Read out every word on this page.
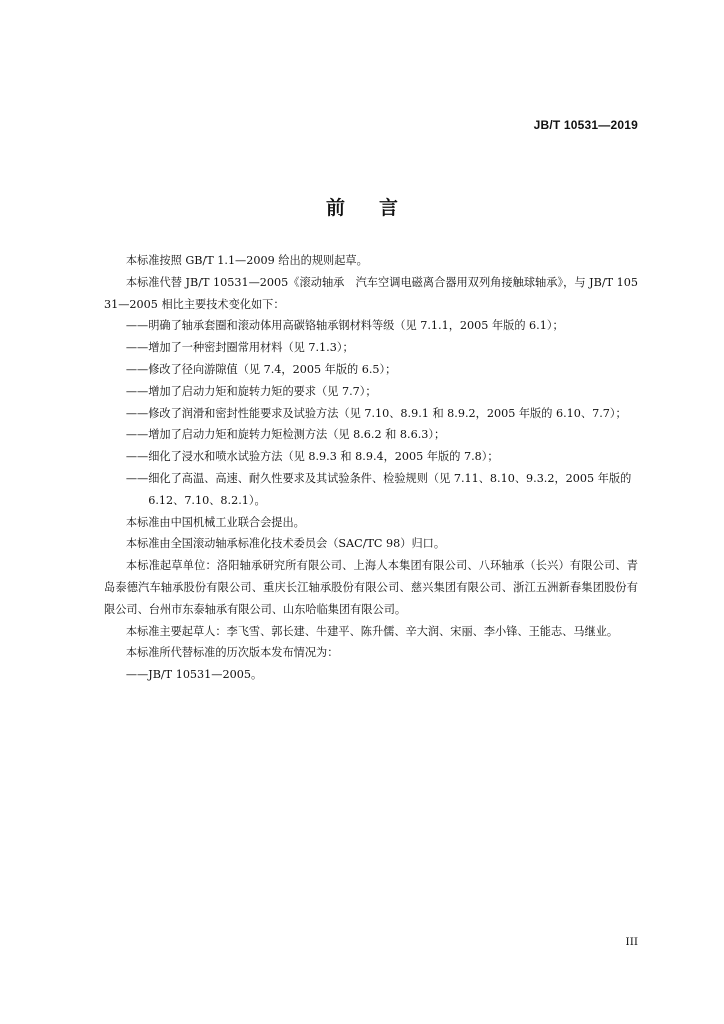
JB/T 10531—2019
前言

本标准按照 GB/T 1.1—2009 给出的规则起草。

本标准代替 JB/T 10531—2005《滚动轴承　汽车空调电磁离合器用双列角接触球轴承》，与 JB/T 10531—2005 相比主要技术变化如下：

——明确了轴承套圈和滚动体用高碳铬轴承钢材料等级（见 7.1.1，2005 年版的 6.1）；

——增加了一种密封圈常用材料（见 7.1.3）；

——修改了径向游隙值（见 7.4，2005 年版的 6.5）；

——增加了启动力矩和旋转力矩的要求（见 7.7）；

——修改了润滑和密封性能要求及试验方法（见 7.10、8.9.1 和 8.9.2，2005 年版的 6.10、7.7）；

——增加了启动力矩和旋转力矩检测方法（见 8.6.2 和 8.6.3）；

——细化了浸水和喷水试验方法（见 8.9.3 和 8.9.4，2005 年版的 7.8）；

——细化了高温、高速、耐久性要求及其试验条件、检验规则（见 7.11、8.10、9.3.2，2005 年版的
6.12、7.10、8.2.1）。

本标准由中国机械工业联合会提出。

本标准由全国滚动轴承标准化技术委员会（SAC/TC 98）归口。

本标准起草单位：洛阳轴承研究所有限公司、上海人本集团有限公司、八环轴承（长兴）有限公司、青岛泰德汽车轴承股份有限公司、重庆长江轴承股份有限公司、慈兴集团有限公司、浙江五洲新春集团股份有限公司、台州市东泰轴承有限公司、山东哈临集团有限公司。

本标准主要起草人：李飞雪、郭长建、牛建平、陈升儒、辛大润、宋丽、李小锋、王能志、马继业。

本标准所代替标准的历次版本发布情况为：

——JB/T 10531—2005。

III
